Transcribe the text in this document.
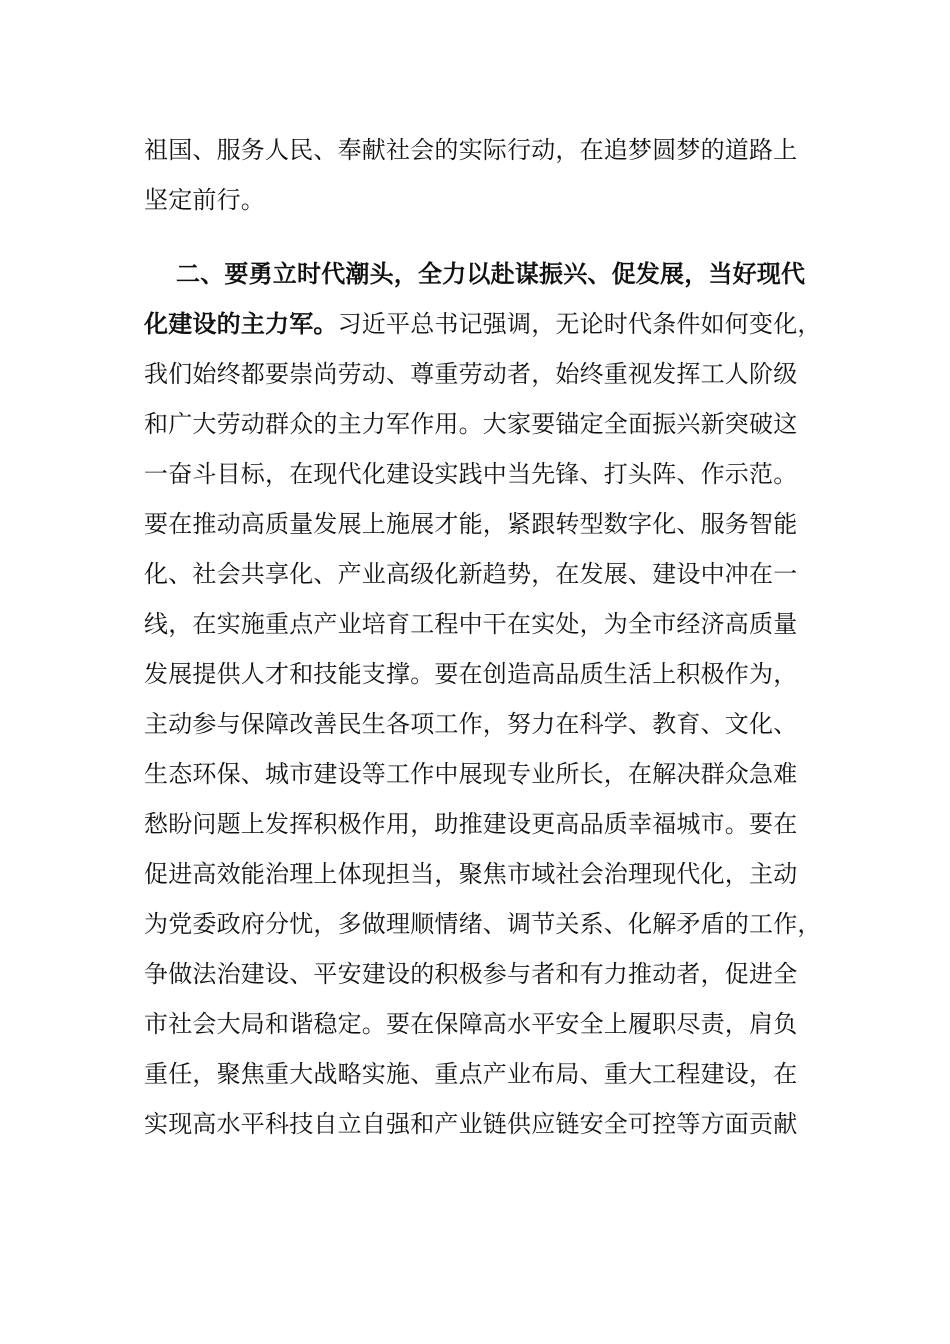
祖国、服务人民、奉献社会的实际行动，在追梦圆梦的道路上
坚定前行。
二、要勇立时代潮头，全力以赴谋振兴、促发展，当好现代
化建设的主力军。习近平总书记强调，无论时代条件如何变化，
我们始终都要崇尚劳动、尊重劳动者，始终重视发挥工人阶级
和广大劳动群众的主力军作用。大家要锚定全面振兴新突破这
一奋斗目标，在现代化建设实践中当先锋、打头阵、作示范。
要在推动高质量发展上施展才能，紧跟转型数字化、服务智能
化、社会共享化、产业高级化新趋势，在发展、建设中冲在一
线，在实施重点产业培育工程中干在实处，为全市经济高质量
发展提供人才和技能支撑。要在创造高品质生活上积极作为，
主动参与保障改善民生各项工作，努力在科学、教育、文化、
生态环保、城市建设等工作中展现专业所长，在解决群众急难
愁盼问题上发挥积极作用，助推建设更高品质幸福城市。要在
促进高效能治理上体现担当，聚焦市域社会治理现代化，主动
为党委政府分忧，多做理顺情绪、调节关系、化解矛盾的工作，
争做法治建设、平安建设的积极参与者和有力推动者，促进全
市社会大局和谐稳定。要在保障高水平安全上履职尽责，肩负
重任，聚焦重大战略实施、重点产业布局、重大工程建设，在
实现高水平科技自立自强和产业链供应链安全可控等方面贡献
